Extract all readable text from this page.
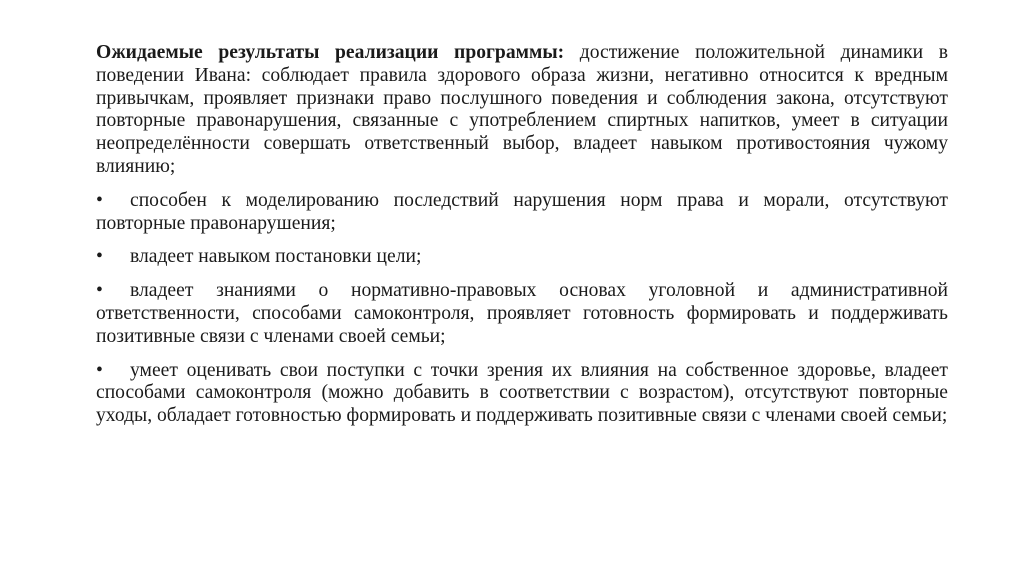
Ожидаемые результаты реализации программы: достижение положительной динамики в поведении Ивана: соблюдает правила здорового образа жизни, негативно относится к вредным привычкам, проявляет признаки право послушного поведения и соблюдения закона, отсутствуют повторные правонарушения, связанные с употреблением спиртных напитков, умеет в ситуации неопределённости совершать ответственный выбор, владеет навыком противостояния чужому влиянию;

• способен к моделированию последствий нарушения норм права и морали, отсутствуют повторные правонарушения;

• владеет навыком постановки цели;

• владеет знаниями о нормативно-правовых основах уголовной и административной ответственности, способами самоконтроля, проявляет готовность формировать и поддерживать позитивные связи с членами своей семьи;

• умеет оценивать свои поступки с точки зрения их влияния на собственное здоровье, владеет способами самоконтроля (можно добавить в соответствии с возрастом), отсутствуют повторные уходы, обладает готовностью формировать и поддерживать позитивные связи с членами своей семьи;
